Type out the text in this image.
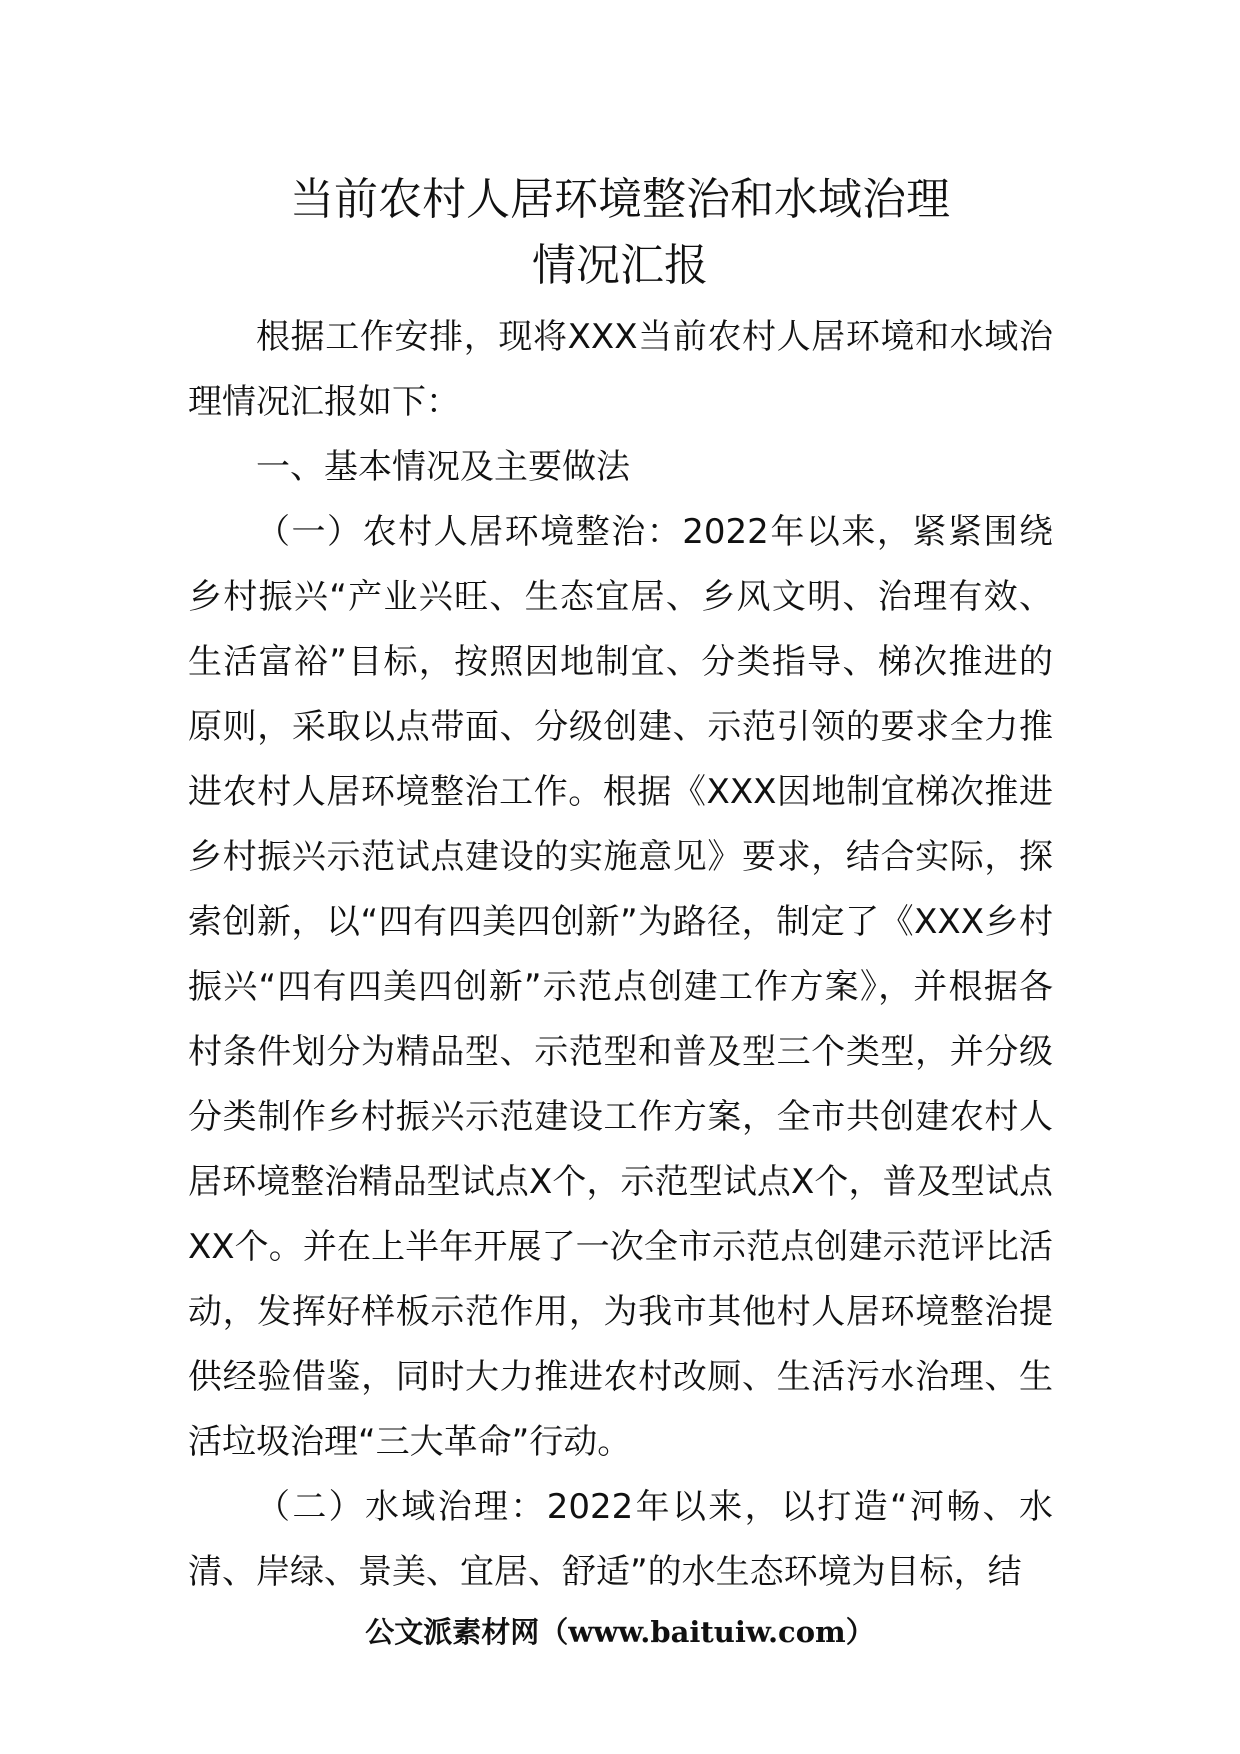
当前农村人居环境整治和水域治理
情况汇报

根据工作安排，现将XXX当前农村人居环境和水域治理情况汇报如下：

一、基本情况及主要做法

（一）农村人居环境整治：2022年以来，紧紧围绕乡村振兴“产业兴旺、生态宜居、乡风文明、治理有效、生活富裕”目标，按照因地制宜、分类指导、梯次推进的原则，采取以点带面、分级创建、示范引领的要求全力推进农村人居环境整治工作。根据《XXX因地制宜梯次推进乡村振兴示范试点建设的实施意见》要求，结合实际，探索创新，以“四有四美四创新”为路径，制定了《XXX乡村振兴“四有四美四创新”示范点创建工作方案》，并根据各村条件划分为精品型、示范型和普及型三个类型，并分级分类制作乡村振兴示范建设工作方案，全市共创建农村人居环境整治精品型试点X个，示范型试点X个，普及型试点XX个。并在上半年开展了一次全市示范点创建示范评比活动，发挥好样板示范作用，为我市其他村人居环境整治提供经验借鉴，同时大力推进农村改厕、生活污水治理、生活垃圾治理“三大革命”行动。

（二）水域治理：2022年以来，以打造“河畅、水清、岸绿、景美、宜居、舒适”的水生态环境为目标，结

公文派素材网（www.baituiw.com）
